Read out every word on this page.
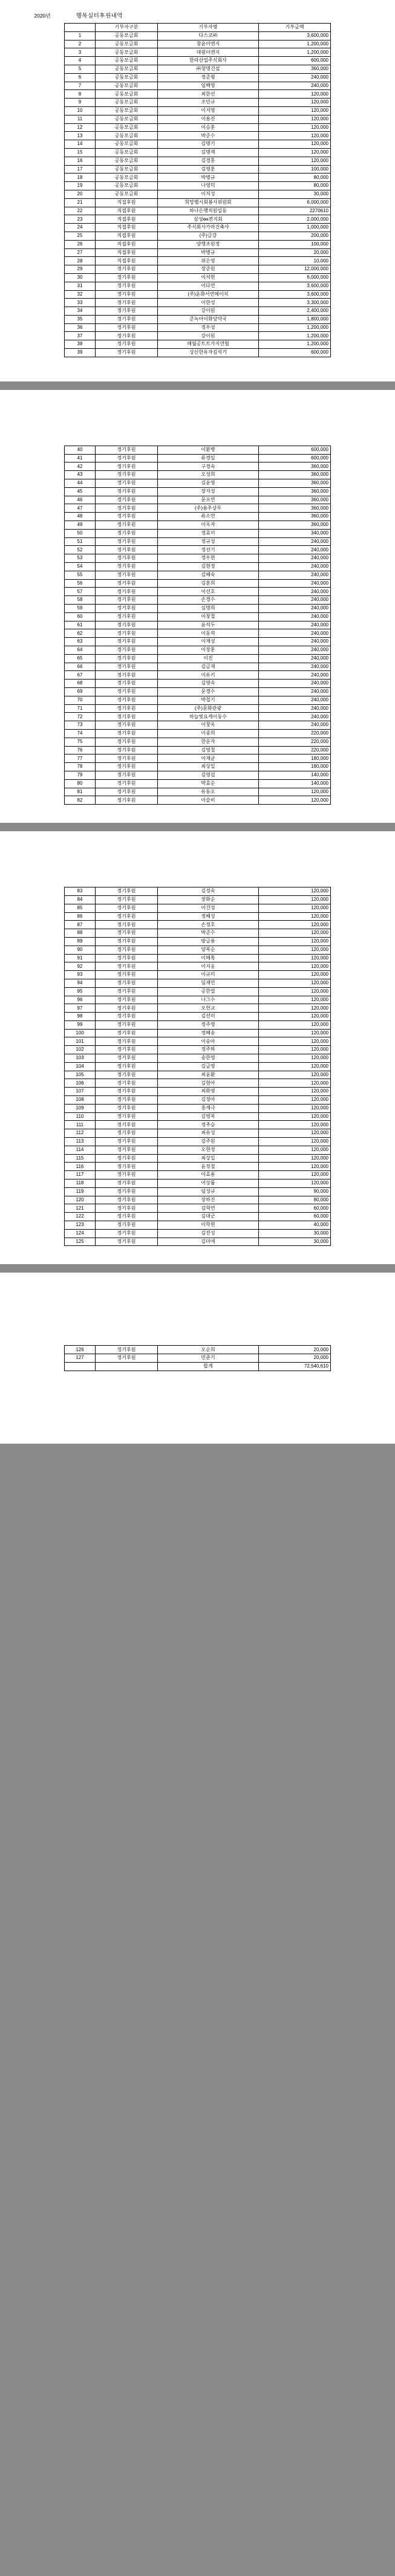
2020년	행복실터후원내역
	기부자구분	기부자명	기부금액
1	공동모금회	다스코㈜	3,600,000
2	공동모금회	창윤이엔지	1,200,000
3	공동모금회	대원이엔지	1,200,000
4	공동모금회	한라산업주식회사	600,000
5	공동모금회	㈜창명건설	360,000
6	공동모금회	정준형	240,000
7	공동모금회	임백영	240,000
8	공동모금회	최한선	120,000
9	공동모금회	조민규	120,000
10	공동모금회	이지영	120,000
11	공동모금회	이용진	120,000
12	공동모금회	이승훈	120,000
13	공동모금회	박준수	120,000
14	공동모금회	김명기	120,000
15	공동모금회	김명재	120,000
16	공동모금회	김경홍	120,000
17	공동모금회	김영훈	100,000
18	공동모금회	박병규	80,000
19	공동모금회	나영덕	80,000
20	공동모금회	이직성	30,000
21	직접후원	희망벨시회봉사위원회	6,000,000
22	직접후원	하나은행직원일동	2270610
23	직접후원	삼성өн전지회	2,000,000
24	직접후원	주식회사가마건축사	1,000,000
25	직접후원	(주)금강	200,000
26	직접후원	양행조원정	100,000
27	직접후원	박병규	20,000
28	직접후원	위은영	10,000
29	정기후원	장준원	12,000,000
30	정기후원	이석현	6,000,000
31	정기후원	이다연	3,600,000
32	정기후원	(주)윤화서연메이치	3,600,000
33	정기후원	이한성	3,300,000
34	정기후원	강이원	2,400,000
35	정기후원	준녹아이화당약국	1,800,000
36	정기후원	정우성	1,200,000
37	정기후원	강이원	1,200,000
38	정기후원	매월공트트가지연협	1,200,000
39	정기후원	상신한유자김석기	600,000
40	정기후원	이환병	600,000
41	정기후원	류경일	600,000
42	정기후원	구경숙	360,000
43	정기후원	오성희	360,000
44	정기후원	김윤영	360,000
45	정기후원	장지성	360,000
46	정기후원	문포연	360,000
47	정기후원	(주)용주상무	360,000
48	정기후원	류소연	360,000
49	정기후원	이옥자	360,000
50	정기후원	정효미	340,000
51	정기후원	정규성	240,000
52	정기후원	정선기	240,000
53	정기후원	정우현	240,000
54	정기후원	김현정	240,000
55	정기후원	김혜숙	240,000
56	정기후원	김훈희	240,000
57	정기후원	이선호	240,000
58	정기후원	손경수	240,000
59	정기후원	심명희	240,000
60	정기후원	이창철	240,000
61	정기후원	윤석두	240,000
62	정기후원	이동혁	240,000
63	정기후원	이재성	240,000
64	정기후원	이장훈	240,000
65	정기후원	이진	240,000
66	정기후원	김금재	240,000
67	정기후원	이유키	240,000
68	정기후원	김영숙	240,000
69	정기후원	문경수	240,000
70	정기후원	박철기	240,000
71	정기후원	(주)문화관광	240,000
72	정기후원	하늘빛요케이동수	240,000
73	정기후원	이창옥	240,000
74	정기후원	이종희	220,000
75	정기후원	한운자	220,000
76	정기후원	김영철	220,000
77	정기후원	이재균	180,000
78	정기후원	최상일	180,000
79	정기후원	김영섭	140,000
80	정기후원	박효순	140,000
81	정기후원	유동오	120,000
82	정기후원	이슬비	120,000
83	정기후원	김정숙	120,000
84	정기후원	장화순	120,000
85	정기후원	이건성	120,000
86	정기후원	정혜성	120,000
87	정기후원	손정호	120,000
88	정기후원	박준수	120,000
89	정기후원	방금용	120,000
90	정기후원	양복순	120,000
91	정기후원	이메혹	120,000
92	정기후원	이지웅	120,000
93	정기후원	이규미	120,000
94	정기후원	임재연	120,000
95	정기후원	공한열	120,000
96	정기후원	나그수	120,000
97	정기후원	오헌교	120,000
98	정기후원	김선미	120,000
99	정기후원	정주영	120,000
100	정기후원	정혜송	120,000
101	정기후원	이송아	120,000
102	정기후원	정주하	120,000
103	정기후원	송한영	120,000
104	정기후원	김금영	120,000
105	정기후원	최윤환	120,000
106	정기후원	김현아	120,000
107	정기후원	최화영	120,000
108	정기후원	김정아	120,000
109	정기후원	홍계극	120,000
110	정기후원	김영복	120,000
111	정기후원	정주승	120,000
112	정기후원	최유성	120,000
113	정기후원	김주원	120,000
114	정기후원	오현정	120,000
115	정기후원	최상일	120,000
116	정기후원	윤정철	120,000
117	정기후원	이효용	120,000
118	정기후원	이상률	120,000
119	정기후원	임성규	90,000
120	정기후원	장하진	80,000
121	정기후원	김혁연	60,000
122	정기후원	김대군	60,000
123	정기후원	이학현	40,000
124	정기후원	김진성	30,000
125	정기후원	김미애	30,000
126	정기후원	오순희	20,000
127	정기후원	민춘기	20,000
		합계	72,540,610
